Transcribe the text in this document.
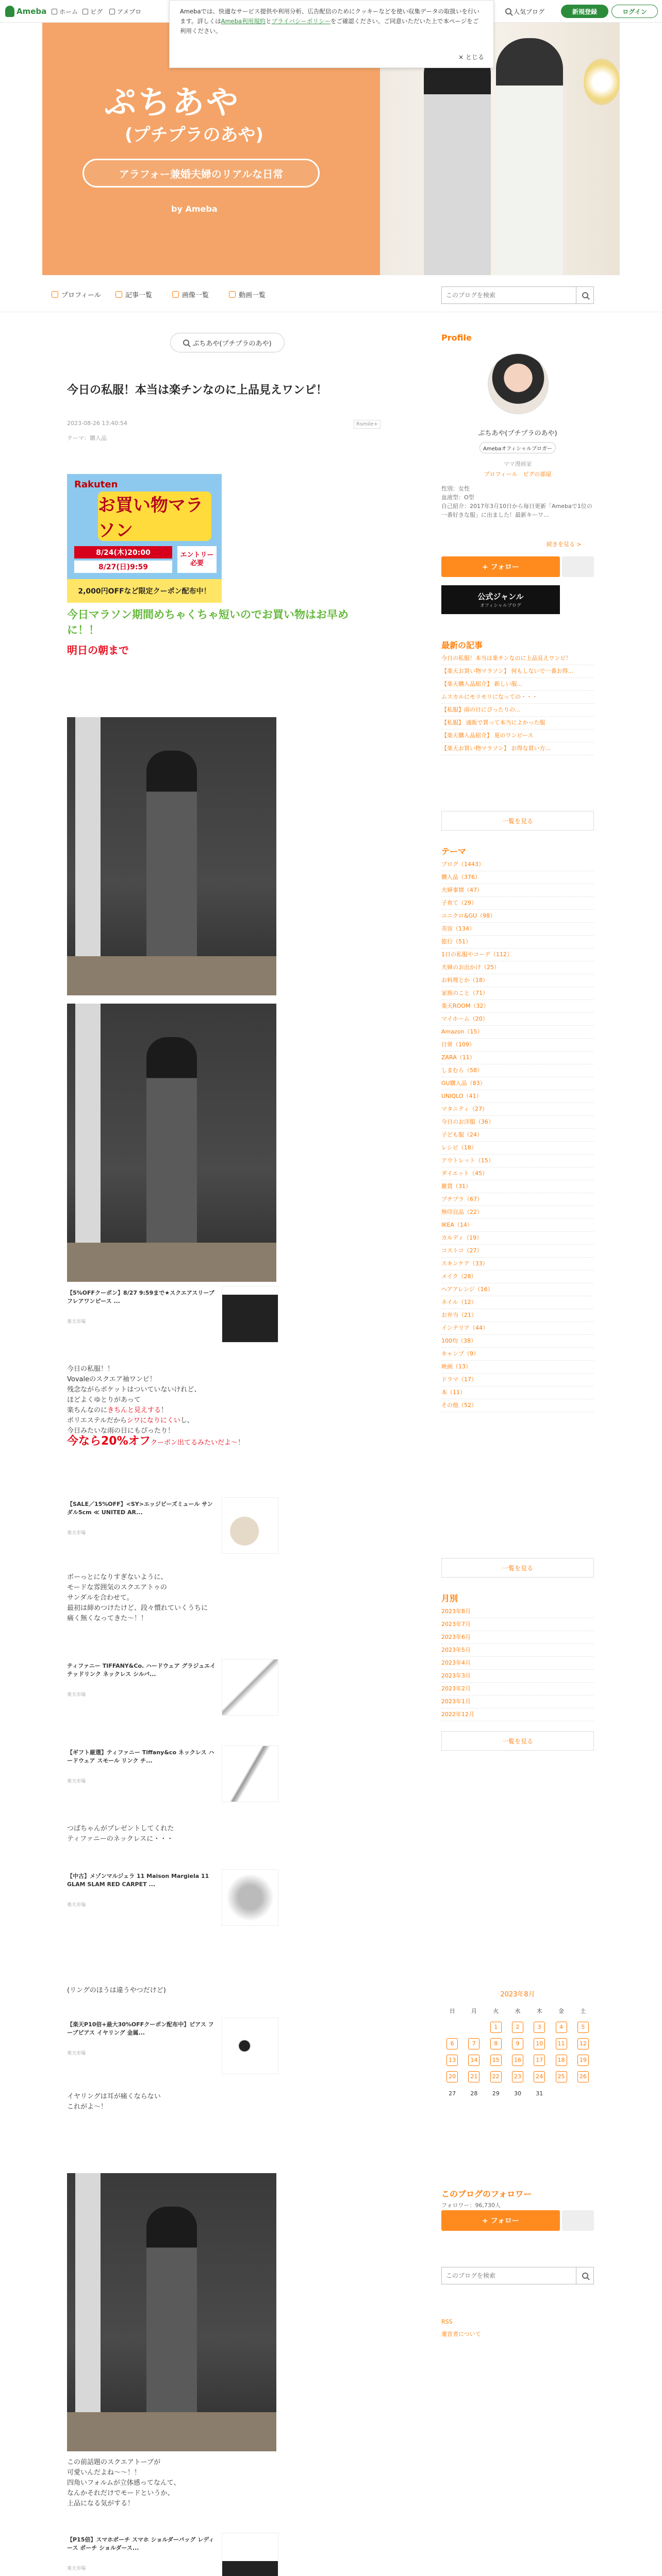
Ameba ホーム ピグ アメブロ	人気ブログ	新規登録	ログイン
Amebaでは、快適なサービス提供や利用分析、広告配信のためにクッキーなどを使い収集データの取扱いを行います。詳しくはAmeba利用規約とプライバシーポリシーをご確認ください。ご同意いただいた上で本ページをご利用ください。
× とじる
ぷちあや
(プチプラのあや)
アラフォー兼婚夫婦のリアルな日常
by Ameba
プロフィール	記事一覧	画像一覧	動画一覧
このブログを検索
ぷちあや(プチプラのあや)
今日の私服！本当は楽チンなのに上品見えワンピ！
2023-08-26 13:40:54
テーマ：購入品
Rsmile+
Rakuten
お買い物マラソン
8/24(木)20:00
8/27(日)9:59
エントリー必要
2,000円OFFなど限定クーポン配布中！
今日マラソン期間めちゃくちゃ短いのでお買い物はお早めに！！
明日の朝まで
【5%OFFクーポン】8/27 9:59まで★スクエアスリーブフレアワンピース ...
楽天市場
今日の私服！！
Vovaleのスクエア袖ワンピ！
残念ながらポケットはついていないけれど、
ほどよくゆとりがあって
楽ちんなのにきちんと見えする！
ポリエステルだからシワになりにくいし、
今日みたいな雨の日にもぴったり！
今なら20%オフクーポン出てるみたいだよ〜！
【SALE／15%OFF】<SY>エッジビーズミュール サンダル5cm ≪ UNITED AR...
楽天市場
ボーっとになりすぎないように、
モードな雰囲気のスクエアトゥの
サンダルを合わせて。
最初は締めつけたけど、段々慣れていくうちに
痛く無くなってきた〜！！
ティファニー TIFFANY&Co. ハードウェア グラジュエイテッドリンク ネックレス シルバ...
楽天市場
【ギフト厳選】ティファニー Tiffany&co ネックレス ハードウェア スモール リンク チ...
楽天市場
つばちゃんがプレゼントしてくれた
ティファニーのネックレスに・・・
【中古】メゾンマルジェラ 11 Maison Margiela 11 GLAM SLAM RED CARPET ...
楽天市場
(リングのほうは違うやつだけど)
【楽天P10倍+最大30%OFFクーポン配布中】ピアス フープピアス イヤリング 金属...
楽天市場
イヤリングは耳が痛くならない
これがよ〜！
この前話題のスクエアトーブが
可愛いんだよね〜〜！！
四角いフォルムが立体感ってなんて、
なんかそれだけでモードというか、
上品になる気がする！
【P15倍】スマホポーチ スマホ ショルダーバッグ レディース ポーチ ショルダース...
楽天市場
Profile
ぷちあや(プチプラのあや)
Amebaオフィシャルブロガー
ママ漫画家
プロフィール　ピグの部屋
性別：女性
血液型：O型
自己紹介：2017年3月10日から毎日更新「Amebaで1位の一番好きな服」に出ました！最新キーワ...
続きを見る >
+ フォロー
公式ジャンル
オフィシャルブログ
最新の記事
今日の私服！本当は楽チンなのに上品見えワンピ！
【楽天お買い物マラソン】 何もしないで一番お得...
【楽天購入品紹介】 新しい服...
ムスカルにモリモリになっての・・・
【私服】雨の日にぴったりの...
【私服】 通販で買って本当によかった服
【楽天購入品紹介】 夏のワンピース
【楽天お買い物マラソン】 お得な買い方...
一覧を見る
テーマ
ブログ（1443）
購入品（376）
夫婦事情（47）
子育て（29）
ユニクロ&GU（98）
美容（134）
旅行（51）
1日の私服やコーデ（112）
夫婦のお出かけ（25）
お料理とか（18）
家族のこと（71）
楽天ROOM（32）
マイホーム（20）
Amazon（15）
日常（109）
ZARA（11）
しまむら（58）
GU購入品（83）
UNIQLO（41）
マタニティ（27）
今日のお洋服（36）
子ども服（24）
レシピ（18）
アウトレット（15）
ダイエット（45）
雑貨（31）
プチプラ（67）
無印良品（22）
IKEA（14）
カルディ（19）
コストコ（27）
スキンケア（33）
メイク（28）
ヘアアレンジ（16）
ネイル（12）
お弁当（21）
インテリア（44）
100均（38）
キャンプ（9）
映画（13）
ドラマ（17）
本（11）
その他（52）
一覧を見る
月別
2023年8月
2023年7月
2023年6月
2023年5月
2023年4月
2023年3月
2023年2月
2023年1月
2022年12月
一覧を見る
2023年8月
日	月	火	水	木	金	土
		1	2	3	4	5
6	7	8	9	10	11	12
13	14	15	16	17	18	19
20	21	22	23	24	25	26
27	28	29	30	31		
このブログのフォロワー
フォロワー：96,730人
+ フォロー
このブログを検索
RSS
運営者について
